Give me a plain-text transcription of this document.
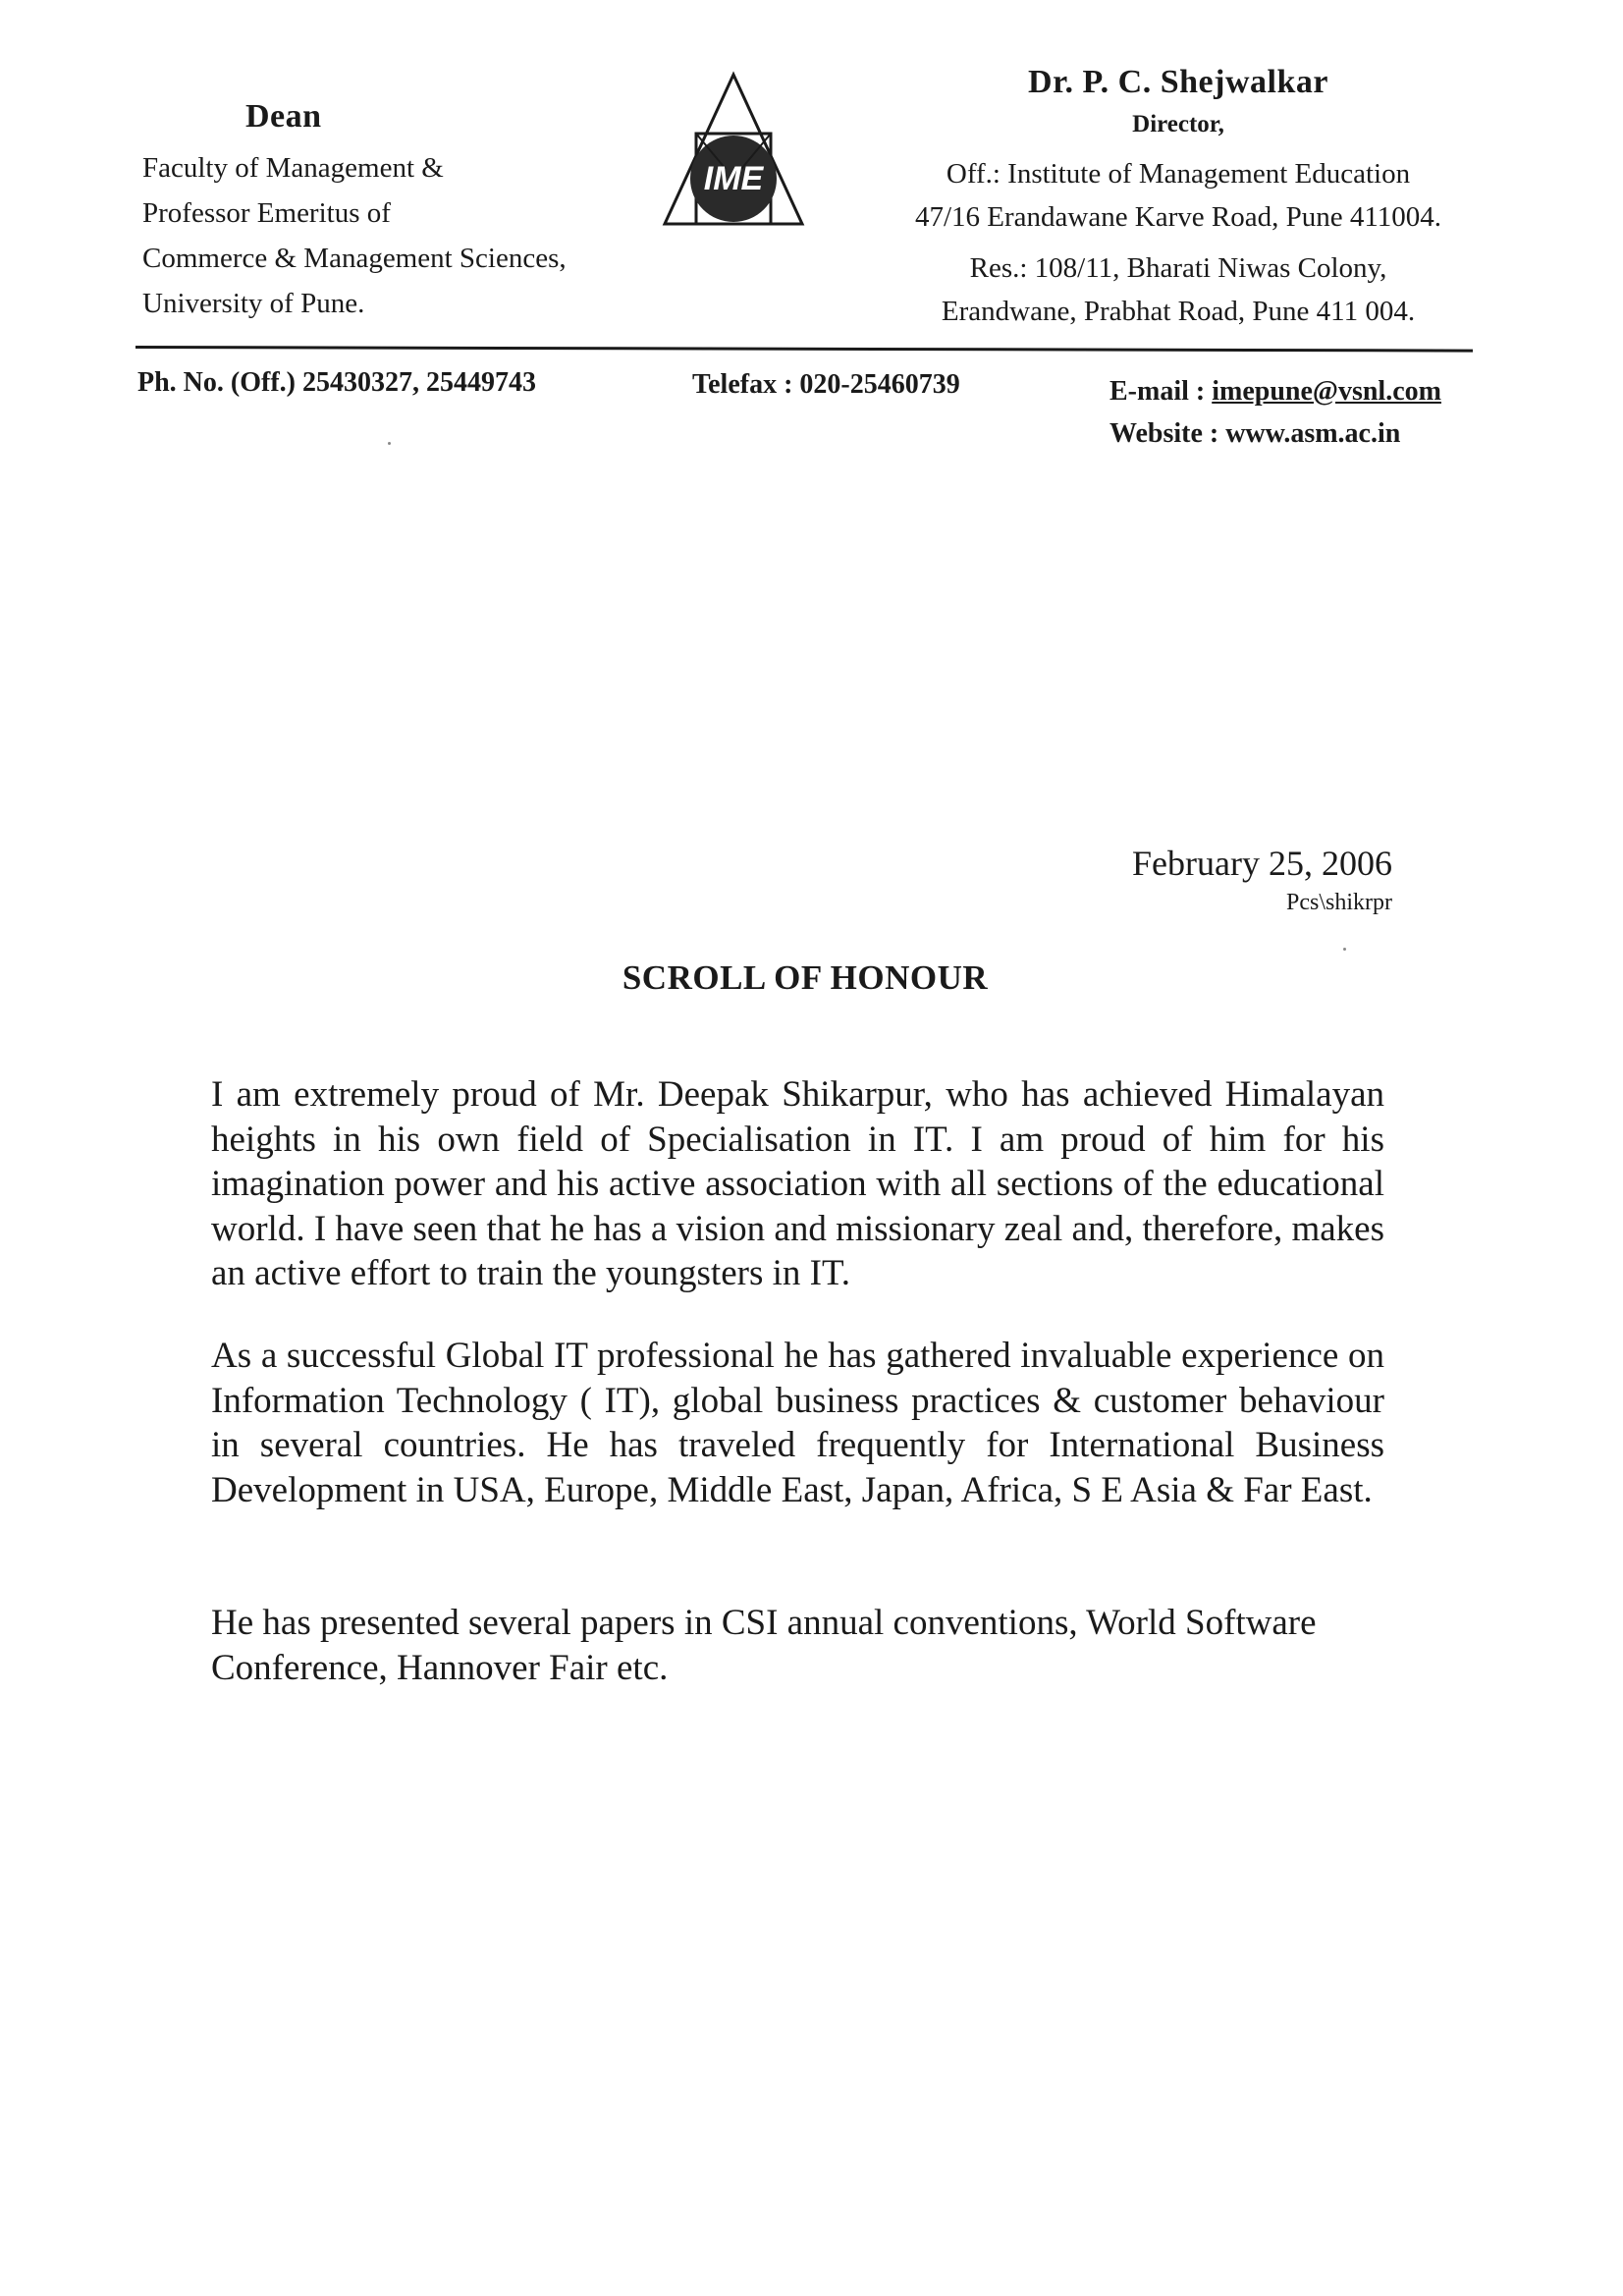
Dean
Faculty of Management &
Professor Emeritus of
Commerce & Management Sciences,
University of Pune.
IME
Dr. P. C. Shejwalkar
Director,
Off.: Institute of Management Education
47/16 Erandawane Karve Road, Pune 411004.
Res.: 108/11, Bharati Niwas Colony,
Erandwane, Prabhat Road, Pune 411 004.
Ph. No. (Off.) 25430327, 25449743	Telefax : 020-25460739	E-mail : imepune@vsnl.com
Website : www.asm.ac.in
February 25, 2006
Pcs\shikrpr
SCROLL OF HONOUR
I am extremely proud of Mr. Deepak Shikarpur, who has achieved Himalayan heights in his own field of Specialisation in IT. I am proud of him for his imagination power and his active association with all sections of the educational world. I have seen that he has a vision and missionary zeal and, therefore, makes an active effort to train the youngsters in IT.
As a successful Global IT professional he has gathered invaluable experience on Information Technology ( IT), global business practices & customer behaviour in several countries. He has traveled frequently for International Business Development in USA, Europe, Middle East, Japan, Africa, S E Asia & Far East.
He has presented several papers in CSI annual conventions, World Software Conference, Hannover Fair etc.
